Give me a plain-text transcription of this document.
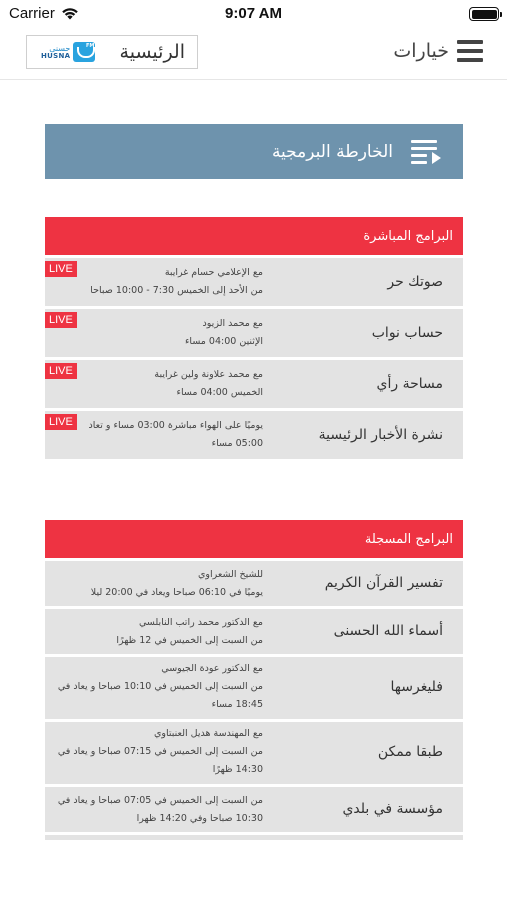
Carrier	9:07 AM
حسنى
HUSNA
FM الرئيسية	خيارات
الخارطة البرمجية
البرامج المباشرة
LIVE	مع الإعلامي حسام غرايبة
من الأحد إلى الخميس 7:30 - 10:00 صباحا
صوتك حر
LIVE	مع محمد الزيود
الإثنين 04:00 مساء
حساب نواب
LIVE	مع محمد علاونة ولين غرايبة
الخميس 04:00 مساء
مساحة رأي
LIVE	يوميًا على الهواء مباشرة 03:00 مساء و تعاد
05:00 مساء
نشرة الأخبار الرئيسية
البرامج المسجلة
للشيخ الشعراوي
يوميًا في 06:10 صباحا ويعاد في 20:00 ليلا
تفسير القرآن الكريم
مع الدكتور محمد راتب النابلسي
من السبت إلى الخميس في 12 ظهرًا
أسماء الله الحسنى
مع الدكتور عودة الجيوسي
من السبت إلى الخميس في 10:10 صباحا و يعاد في
18:45 مساء
فليغرسها
مع المهندسة هديل العنبتاوي
من السبت إلى الخميس في 07:15 صباحا و يعاد في
14:30 ظهرًا
طبقا ممكن
من السبت إلى الخميس في 07:05 صباحا و يعاد في
10:30 صباحا وفي 14:20 ظهرا
مؤسسة في بلدي
